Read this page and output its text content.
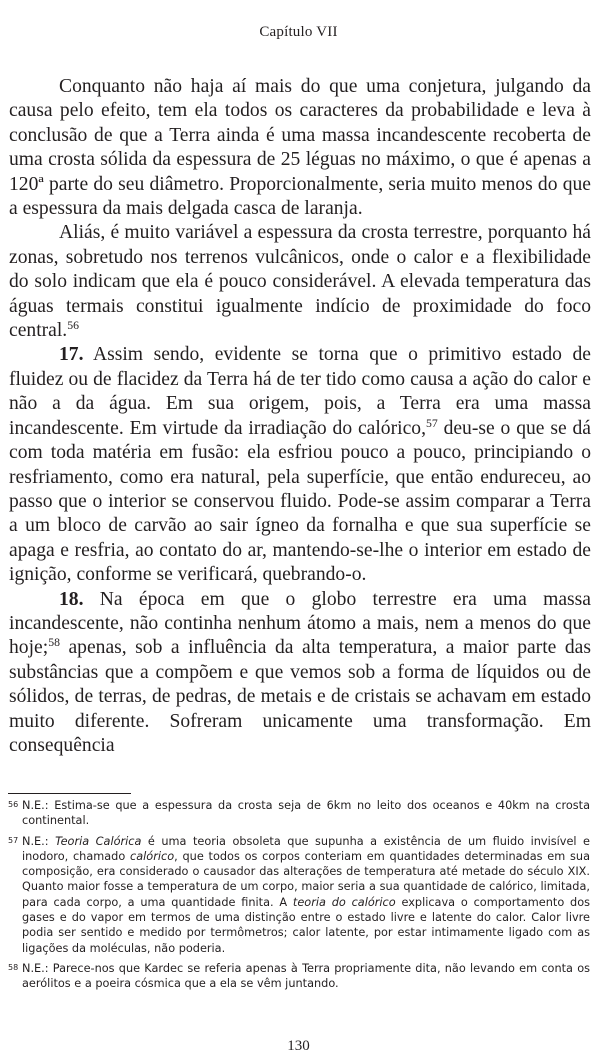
Capítulo VII

Conquanto não haja aí mais do que uma conjetura, julgando da causa pelo efeito, tem ela todos os caracteres da probabilidade e leva à conclusão de que a Terra ainda é uma massa incandescente recoberta de uma crosta sólida da espessura de 25 léguas no máximo, o que é apenas a 120ª parte do seu diâmetro. Proporcionalmente, seria muito menos do que a espessura da mais delgada casca de laranja.

Aliás, é muito variável a espessura da crosta terrestre, porquanto há zonas, sobretudo nos terrenos vulcânicos, onde o calor e a flexibilidade do solo indicam que ela é pouco considerável. A elevada temperatura das águas termais constitui igualmente indício de proximidade do foco central.$^{56}$

17. Assim sendo, evidente se torna que o primitivo estado de fluidez ou de flacidez da Terra há de ter tido como causa a ação do calor e não a da água. Em sua origem, pois, a Terra era uma massa incandescente. Em virtude da irradiação do calórico,$^{57}$ deu-se o que se dá com toda matéria em fusão: ela esfriou pouco a pouco, principiando o resfriamento, como era natural, pela superfície, que então endureceu, ao passo que o interior se conservou fluido. Pode-se assim comparar a Terra a um bloco de carvão ao sair ígneo da fornalha e que sua superfície se apaga e resfria, ao contato do ar, mantendo-se-lhe o interior em estado de ignição, conforme se verificará, quebrando-o.

18. Na época em que o globo terrestre era uma massa incandescente, não continha nenhum átomo a mais, nem a menos do que hoje;$^{58}$ apenas, sob a influência da alta temperatura, a maior parte das substâncias que a compõem e que vemos sob a forma de líquidos ou de sólidos, de terras, de pedras, de metais e de cristais se achavam em estado muito diferente. Sofreram unicamente uma transformação. Em consequência

56 N.E.: Estima-se que a espessura da crosta seja de 6km no leito dos oceanos e 40km na crosta continental.

57 N.E.: Teoria Calórica é uma teoria obsoleta que supunha a existência de um fluido invisível e inodoro, chamado calórico, que todos os corpos conteriam em quantidades determinadas em sua composição, era considerado o causador das alterações de temperatura até metade do século XIX. Quanto maior fosse a temperatura de um corpo, maior seria a sua quantidade de calórico, limitada, para cada corpo, a uma quantidade finita. A teoria do calórico explicava o comportamento dos gases e do vapor em termos de uma distinção entre o estado livre e latente do calor. Calor livre podia ser sentido e medido por termômetros; calor latente, por estar intimamente ligado com as ligações da moléculas, não poderia.

58 N.E.: Parece-nos que Kardec se referia apenas à Terra propriamente dita, não levando em conta os aerólitos e a poeira cósmica que a ela se vêm juntando.

130
